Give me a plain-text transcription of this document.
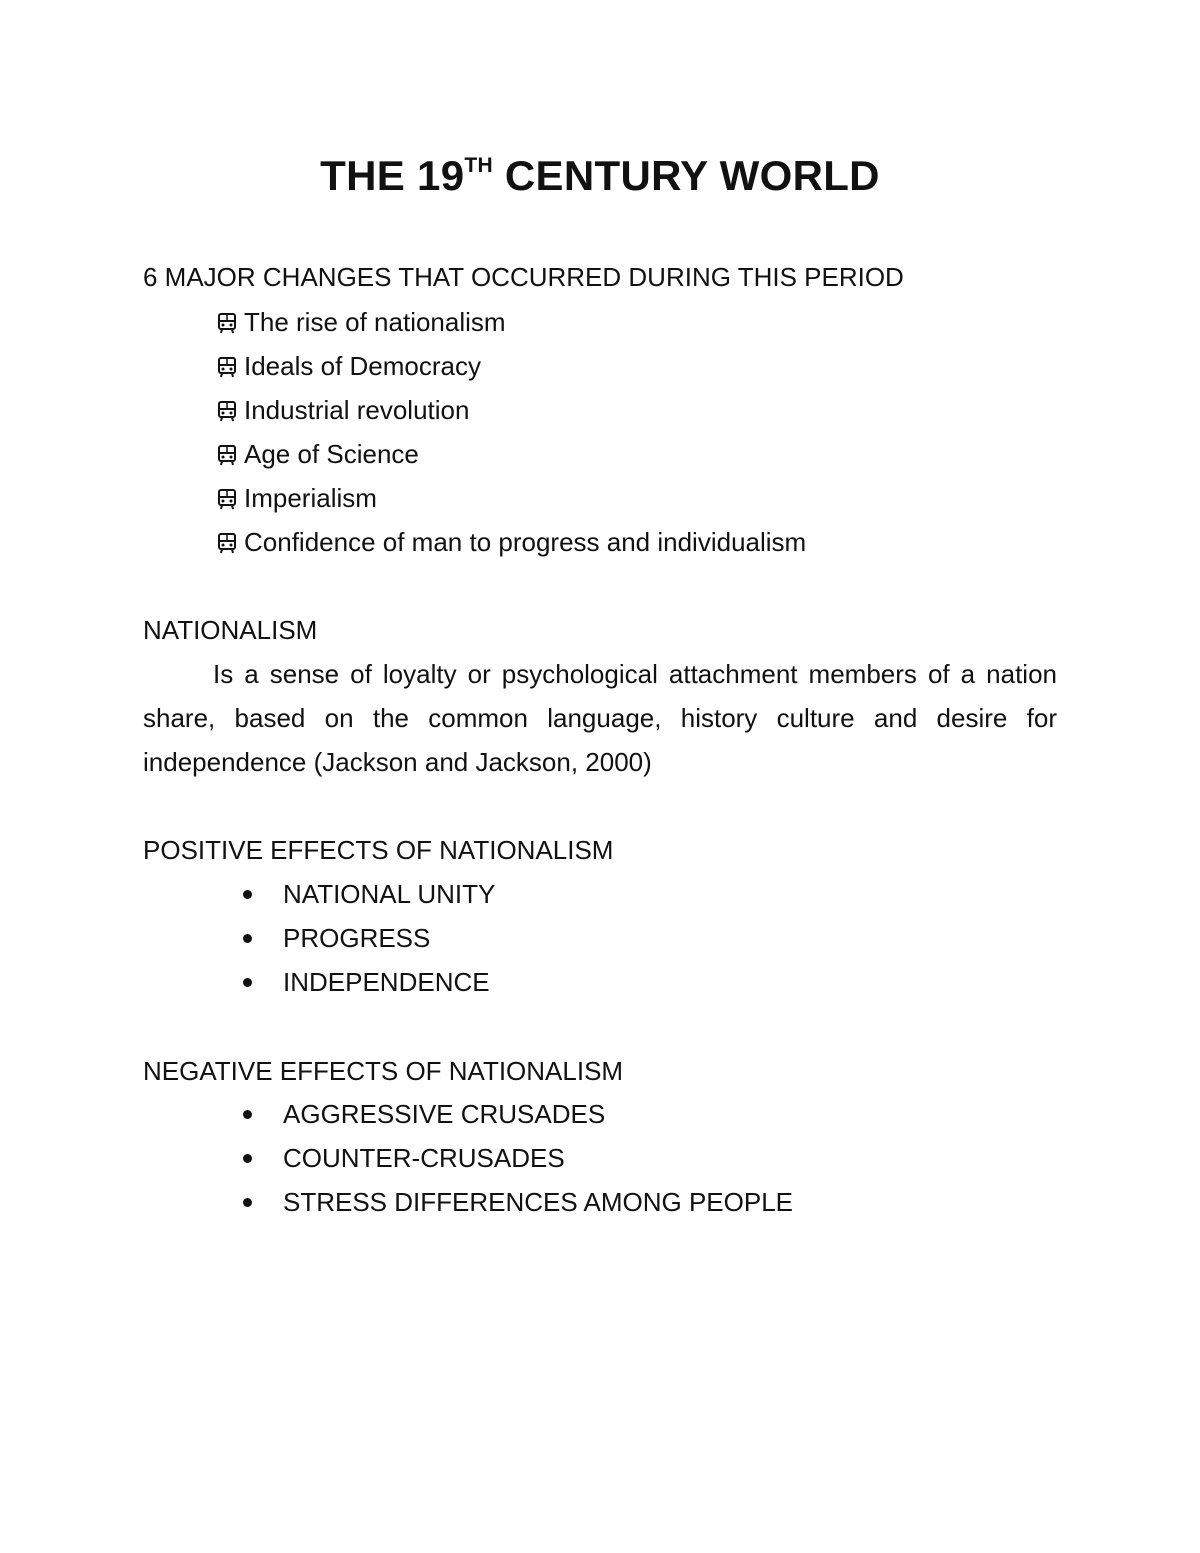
THE 19TH CENTURY WORLD
6 MAJOR CHANGES THAT OCCURRED DURING THIS PERIOD
The rise of nationalism
Ideals of Democracy
Industrial revolution
Age of Science
Imperialism
Confidence of man to progress and individualism
NATIONALISM
Is a sense of loyalty or psychological attachment members of a nation share, based on the common language, history culture and desire for independence (Jackson and Jackson, 2000)
POSITIVE EFFECTS OF NATIONALISM
NATIONAL UNITY
PROGRESS
INDEPENDENCE
NEGATIVE EFFECTS OF NATIONALISM
AGGRESSIVE CRUSADES
COUNTER-CRUSADES
STRESS DIFFERENCES AMONG PEOPLE
